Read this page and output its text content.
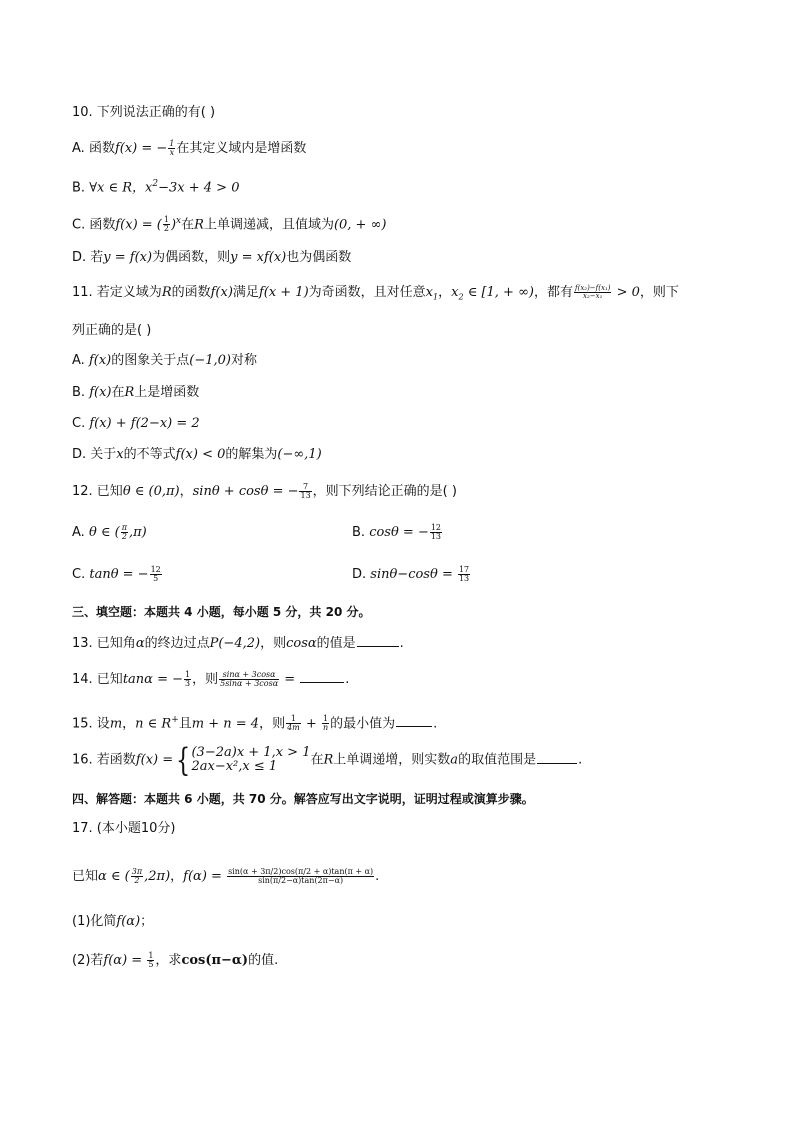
10. 下列说法正确的有( )
A. 函数f(x) = − $\frac{1}{x}$ 在其定义域内是增函数
B. ∀x ∈ R，$x^2-3x + 4 > 0$
C. 函数f(x) = ( $\frac{1}{2} )^x$在R上单调递减，且值域为(0, + ∞)
D. 若y = f(x)为偶函数，则y = xf(x)也为偶函数
11. 若定义域为R的函数f(x)满足f(x + 1)为奇函数，且对任意$x_1$，$x_2$ ∈ [1, + ∞)，都有 $\frac{\text{f(x₂)−f(x₁)}}{\text{x₂−x₁}} > 0$，则下
列正确的是( )
A. f(x)的图象关于点(−1,0)对称
B. f(x)在R上是增函数
C. f(x) + f(2−x) = 2
D. 关于x的不等式f(x) < 0的解集为(−∞,1)
12. 已知θ ∈ (0,π)，sinθ + cosθ = − $\frac{7}{13}$ ，则下列结论正确的是( )
A. θ ∈ ( $\frac{\pi}{2} ,\pi$)	B. cosθ = − $\frac{12}{13}$
C. tanθ = − $\frac{12}{5}$	D. $\sin\theta-\cos\theta = \frac{17}{13}$
三、填空题：本题共 4 小题，每小题 5 分，共 20 分。
13. 已知角α的终边过点P(−4,2)，则cosα的值是	.
14. 已知tanα = − $\frac{1}{3}$ ，则 $\frac{\sin\alpha + 3\cos\alpha}{5\sin\alpha + 3\cos\alpha}$ =	.
15. 设m，n ∈ R+且m + n = 4，则 $\frac{1}{4m} + \frac{1}{n}$ 的最小值为	.
16. 若函数f(x) ={ (3−2a)x + 1,x > 1
2ax−x²,x ≤ 1	在R上单调递增，则实数a的取值范围是	.
四、解答题：本题共 6 小题，共 70 分。解答应写出文字说明，证明过程或演算步骤。
17. (本小题10分)
已知α ∈ ( $\frac{3\pi}{2} ,2\pi$)，$f(\alpha) = \frac{\sin(\alpha + 3\pi/2)\cos(\pi/2 + \alpha)\tan(\pi + \alpha)}{\sin(\pi/2-\alpha)\tan(2\pi-\alpha)}$ .
(1)化简f(α)；
(2)若$f(\alpha) = \frac{1}{5}$ ，求cos(π−α)的值.
